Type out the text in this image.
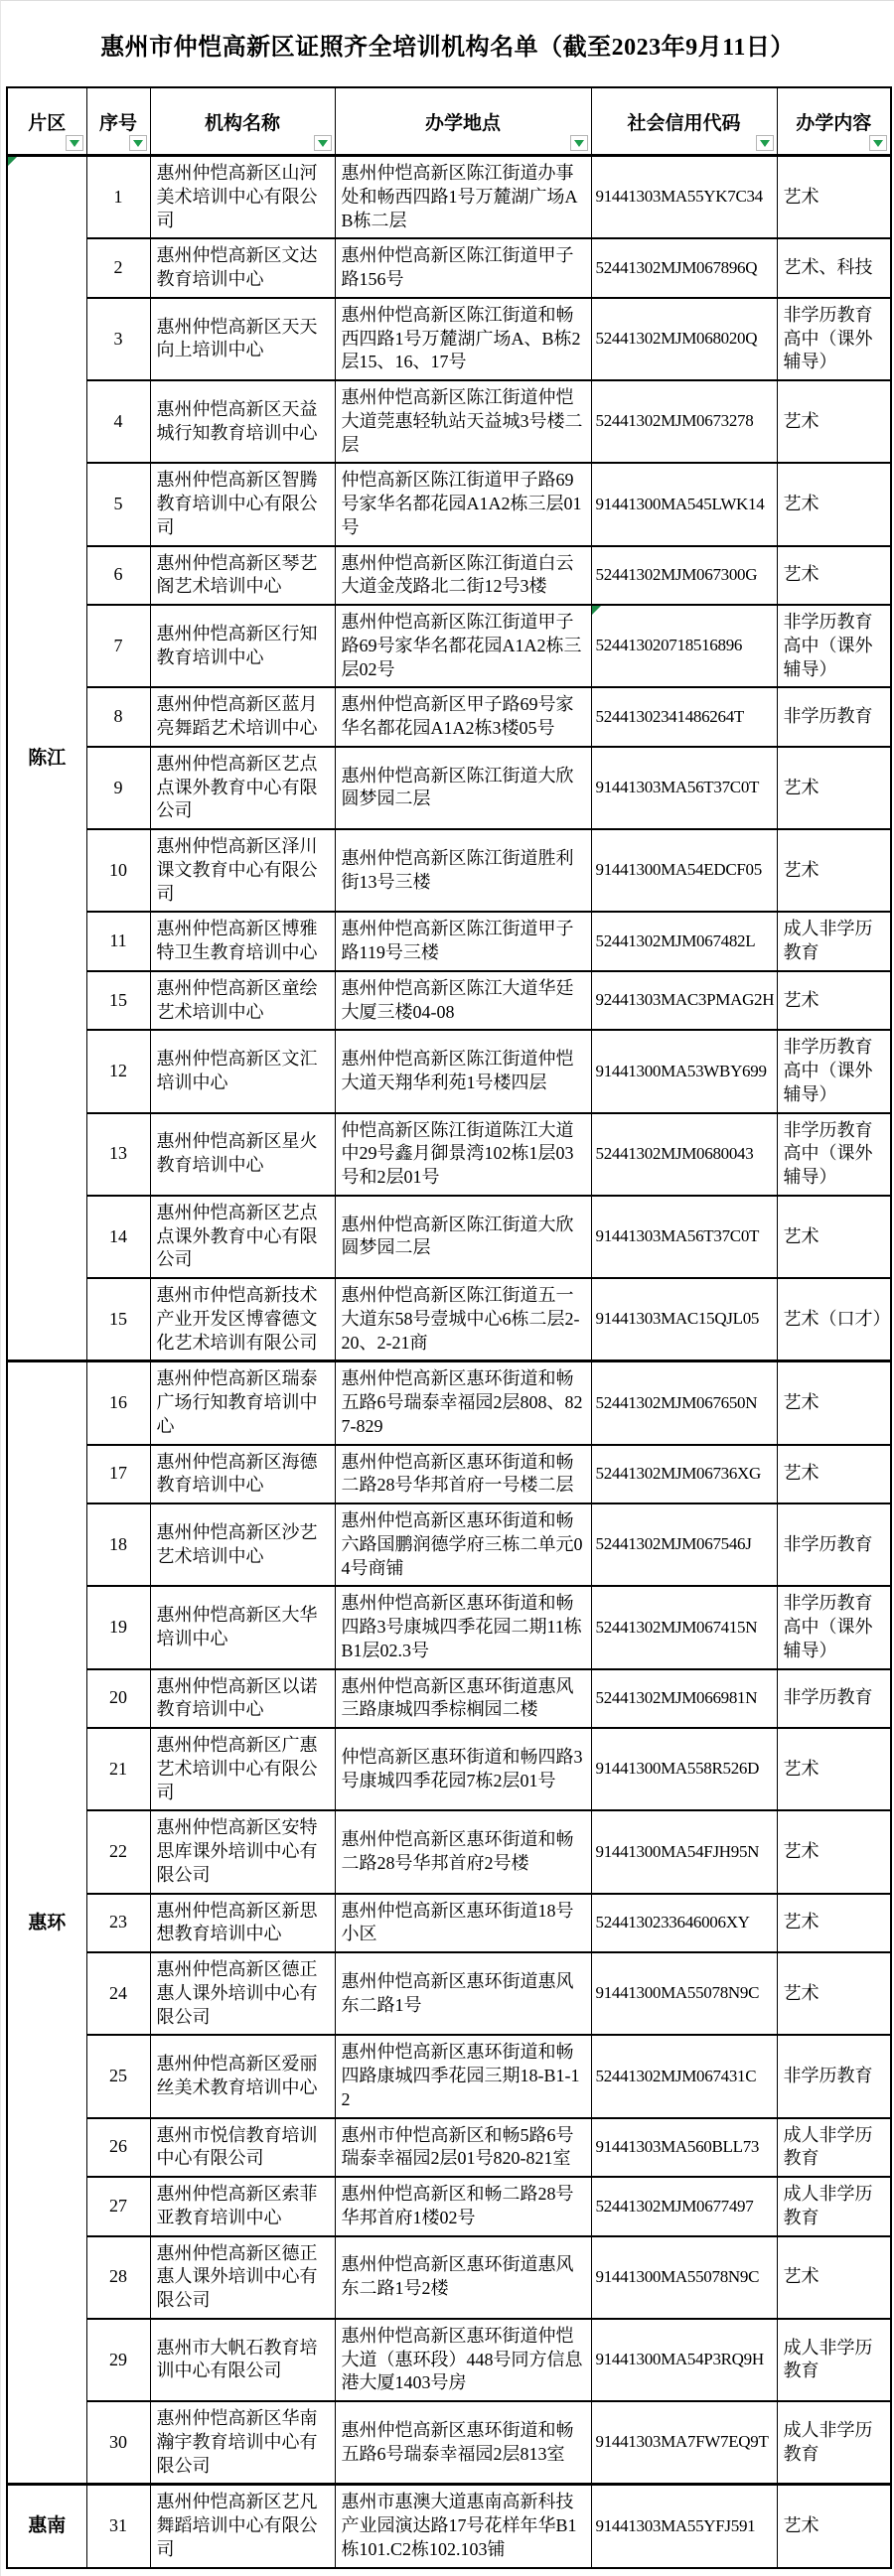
惠州市仲恺高新区证照齐全培训机构名单（截至2023年9月11日）
片区	序号	机构名称	办学地点	社会信用代码	办学内容

陈江	1	惠州仲恺高新区山河美术培训中心有限公司	惠州仲恺高新区陈江街道办事处和畅西四路1号万麓湖广场AB栋二层	91441303MA55YK7C34	艺术
	2	惠州仲恺高新区文达教育培训中心	惠州仲恺高新区陈江街道甲子路156号	52441302MJM067896Q	艺术、科技
	3	惠州仲恺高新区天天向上培训中心	惠州仲恺高新区陈江街道和畅西四路1号万麓湖广场A、B栋2层15、16、17号	52441302MJM068020Q	非学历教育高中（课外辅导）
	4	惠州仲恺高新区天益城行知教育培训中心	惠州仲恺高新区陈江街道仲恺大道莞惠轻轨站天益城3号楼二层	52441302MJM0673278	艺术
	5	惠州仲恺高新区智腾教育培训中心有限公司	仲恺高新区陈江街道甲子路69号家华名都花园A1A2栋三层01号	91441300MA545LWK14	艺术
	6	惠州仲恺高新区琴艺阁艺术培训中心	惠州仲恺高新区陈江街道白云大道金茂路北二街12号3楼	52441302MJM067300G	艺术
	7	惠州仲恺高新区行知教育培训中心	惠州仲恺高新区陈江街道甲子路69号家华名都花园A1A2栋三层02号	524413020718516896	非学历教育高中（课外辅导）
	8	惠州仲恺高新区蓝月亮舞蹈艺术培训中心	惠州仲恺高新区甲子路69号家华名都花园A1A2栋3楼05号	52441302341486264T	非学历教育
	9	惠州仲恺高新区艺点点课外教育中心有限公司	惠州仲恺高新区陈江街道大欣圆梦园二层	91441303MA56T37C0T	艺术
	10	惠州仲恺高新区泽川课文教育中心有限公司	惠州仲恺高新区陈江街道胜利街13号三楼	91441300MA54EDCF05	艺术
	11	惠州仲恺高新区博雅特卫生教育培训中心	惠州仲恺高新区陈江街道甲子路119号三楼	52441302MJM067482L	成人非学历教育
	15	惠州仲恺高新区童绘艺术培训中心	惠州仲恺高新区陈江大道华廷大厦三楼04-08	92441303MAC3PMAG2H	艺术
	12	惠州仲恺高新区文汇培训中心	惠州仲恺高新区陈江街道仲恺大道天翔华利苑1号楼四层	91441300MA53WBY699	非学历教育高中（课外辅导）
	13	惠州仲恺高新区星火教育培训中心	仲恺高新区陈江街道陈江大道中29号鑫月御景湾102栋1层03号和2层01号	52441302MJM0680043	非学历教育高中（课外辅导）
	14	惠州仲恺高新区艺点点课外教育中心有限公司	惠州仲恺高新区陈江街道大欣圆梦园二层	91441303MA56T37C0T	艺术
	15	惠州市仲恺高新技术产业开发区博睿德文化艺术培训有限公司	惠州仲恺高新区陈江街道五一大道东58号壹城中心6栋二层2-20、2-21商	91441303MAC15QJL05	艺术（口才）
惠环	16	惠州仲恺高新区瑞泰广场行知教育培训中心	惠州仲恺高新区惠环街道和畅五路6号瑞泰幸福园2层808、827-829	52441302MJM067650N	艺术
	17	惠州仲恺高新区海德教育培训中心	惠州仲恺高新区惠环街道和畅二路28号华邦首府一号楼二层	52441302MJM06736XG	艺术
	18	惠州仲恺高新区沙艺艺术培训中心	惠州仲恺高新区惠环街道和畅六路国鹏润德学府三栋二单元04号商铺	52441302MJM067546J	非学历教育
	19	惠州仲恺高新区大华培训中心	惠州仲恺高新区惠环街道和畅四路3号康城四季花园二期11栋B1层02.3号	52441302MJM067415N	非学历教育高中（课外辅导）
	20	惠州仲恺高新区以诺教育培训中心	惠州仲恺高新区惠环街道惠风三路康城四季棕榈园二楼	52441302MJM066981N	非学历教育
	21	惠州仲恺高新区广惠艺术培训中心有限公司	仲恺高新区惠环街道和畅四路3号康城四季花园7栋2层01号	91441300MA558R526D	艺术
	22	惠州仲恺高新区安特思库课外培训中心有限公司	惠州仲恺高新区惠环街道和畅二路28号华邦首府2号楼	91441300MA54FJH95N	艺术
	23	惠州仲恺高新区新思想教育培训中心	惠州仲恺高新区惠环街道18号小区	5244130233646006XY	艺术
	24	惠州仲恺高新区德正惠人课外培训中心有限公司	惠州仲恺高新区惠环街道惠风东二路1号	91441300MA55078N9C	艺术
	25	惠州仲恺高新区爱丽丝美术教育培训中心	惠州仲恺高新区惠环街道和畅四路康城四季花园三期18-B1-12	52441302MJM067431C	非学历教育
	26	惠州市悦信教育培训中心有限公司	惠州市仲恺高新区和畅5路6号瑞泰幸福园2层01号820-821室	91441303MA560BLL73	成人非学历教育
	27	惠州仲恺高新区索菲亚教育培训中心	惠州仲恺高新区和畅二路28号华邦首府1楼02号	52441302MJM0677497	成人非学历教育
	28	惠州仲恺高新区德正惠人课外培训中心有限公司	惠州仲恺高新区惠环街道惠风东二路1号2楼	91441300MA55078N9C	艺术
	29	惠州市大帆石教育培训中心有限公司	惠州仲恺高新区惠环街道仲恺大道（惠环段）448号同方信息港大厦1403号房	91441300MA54P3RQ9H	成人非学历教育
	30	惠州仲恺高新区华南瀚宇教育培训中心有限公司	惠州仲恺高新区惠环街道和畅五路6号瑞泰幸福园2层813室	91441303MA7FW7EQ9T	成人非学历教育
惠南	31	惠州仲恺高新区艺凡舞蹈培训中心有限公司	惠州市惠澳大道惠南高新科技产业园演达路17号花样年华B1栋101.C2栋102.103铺	91441303MA55YFJ591	艺术
